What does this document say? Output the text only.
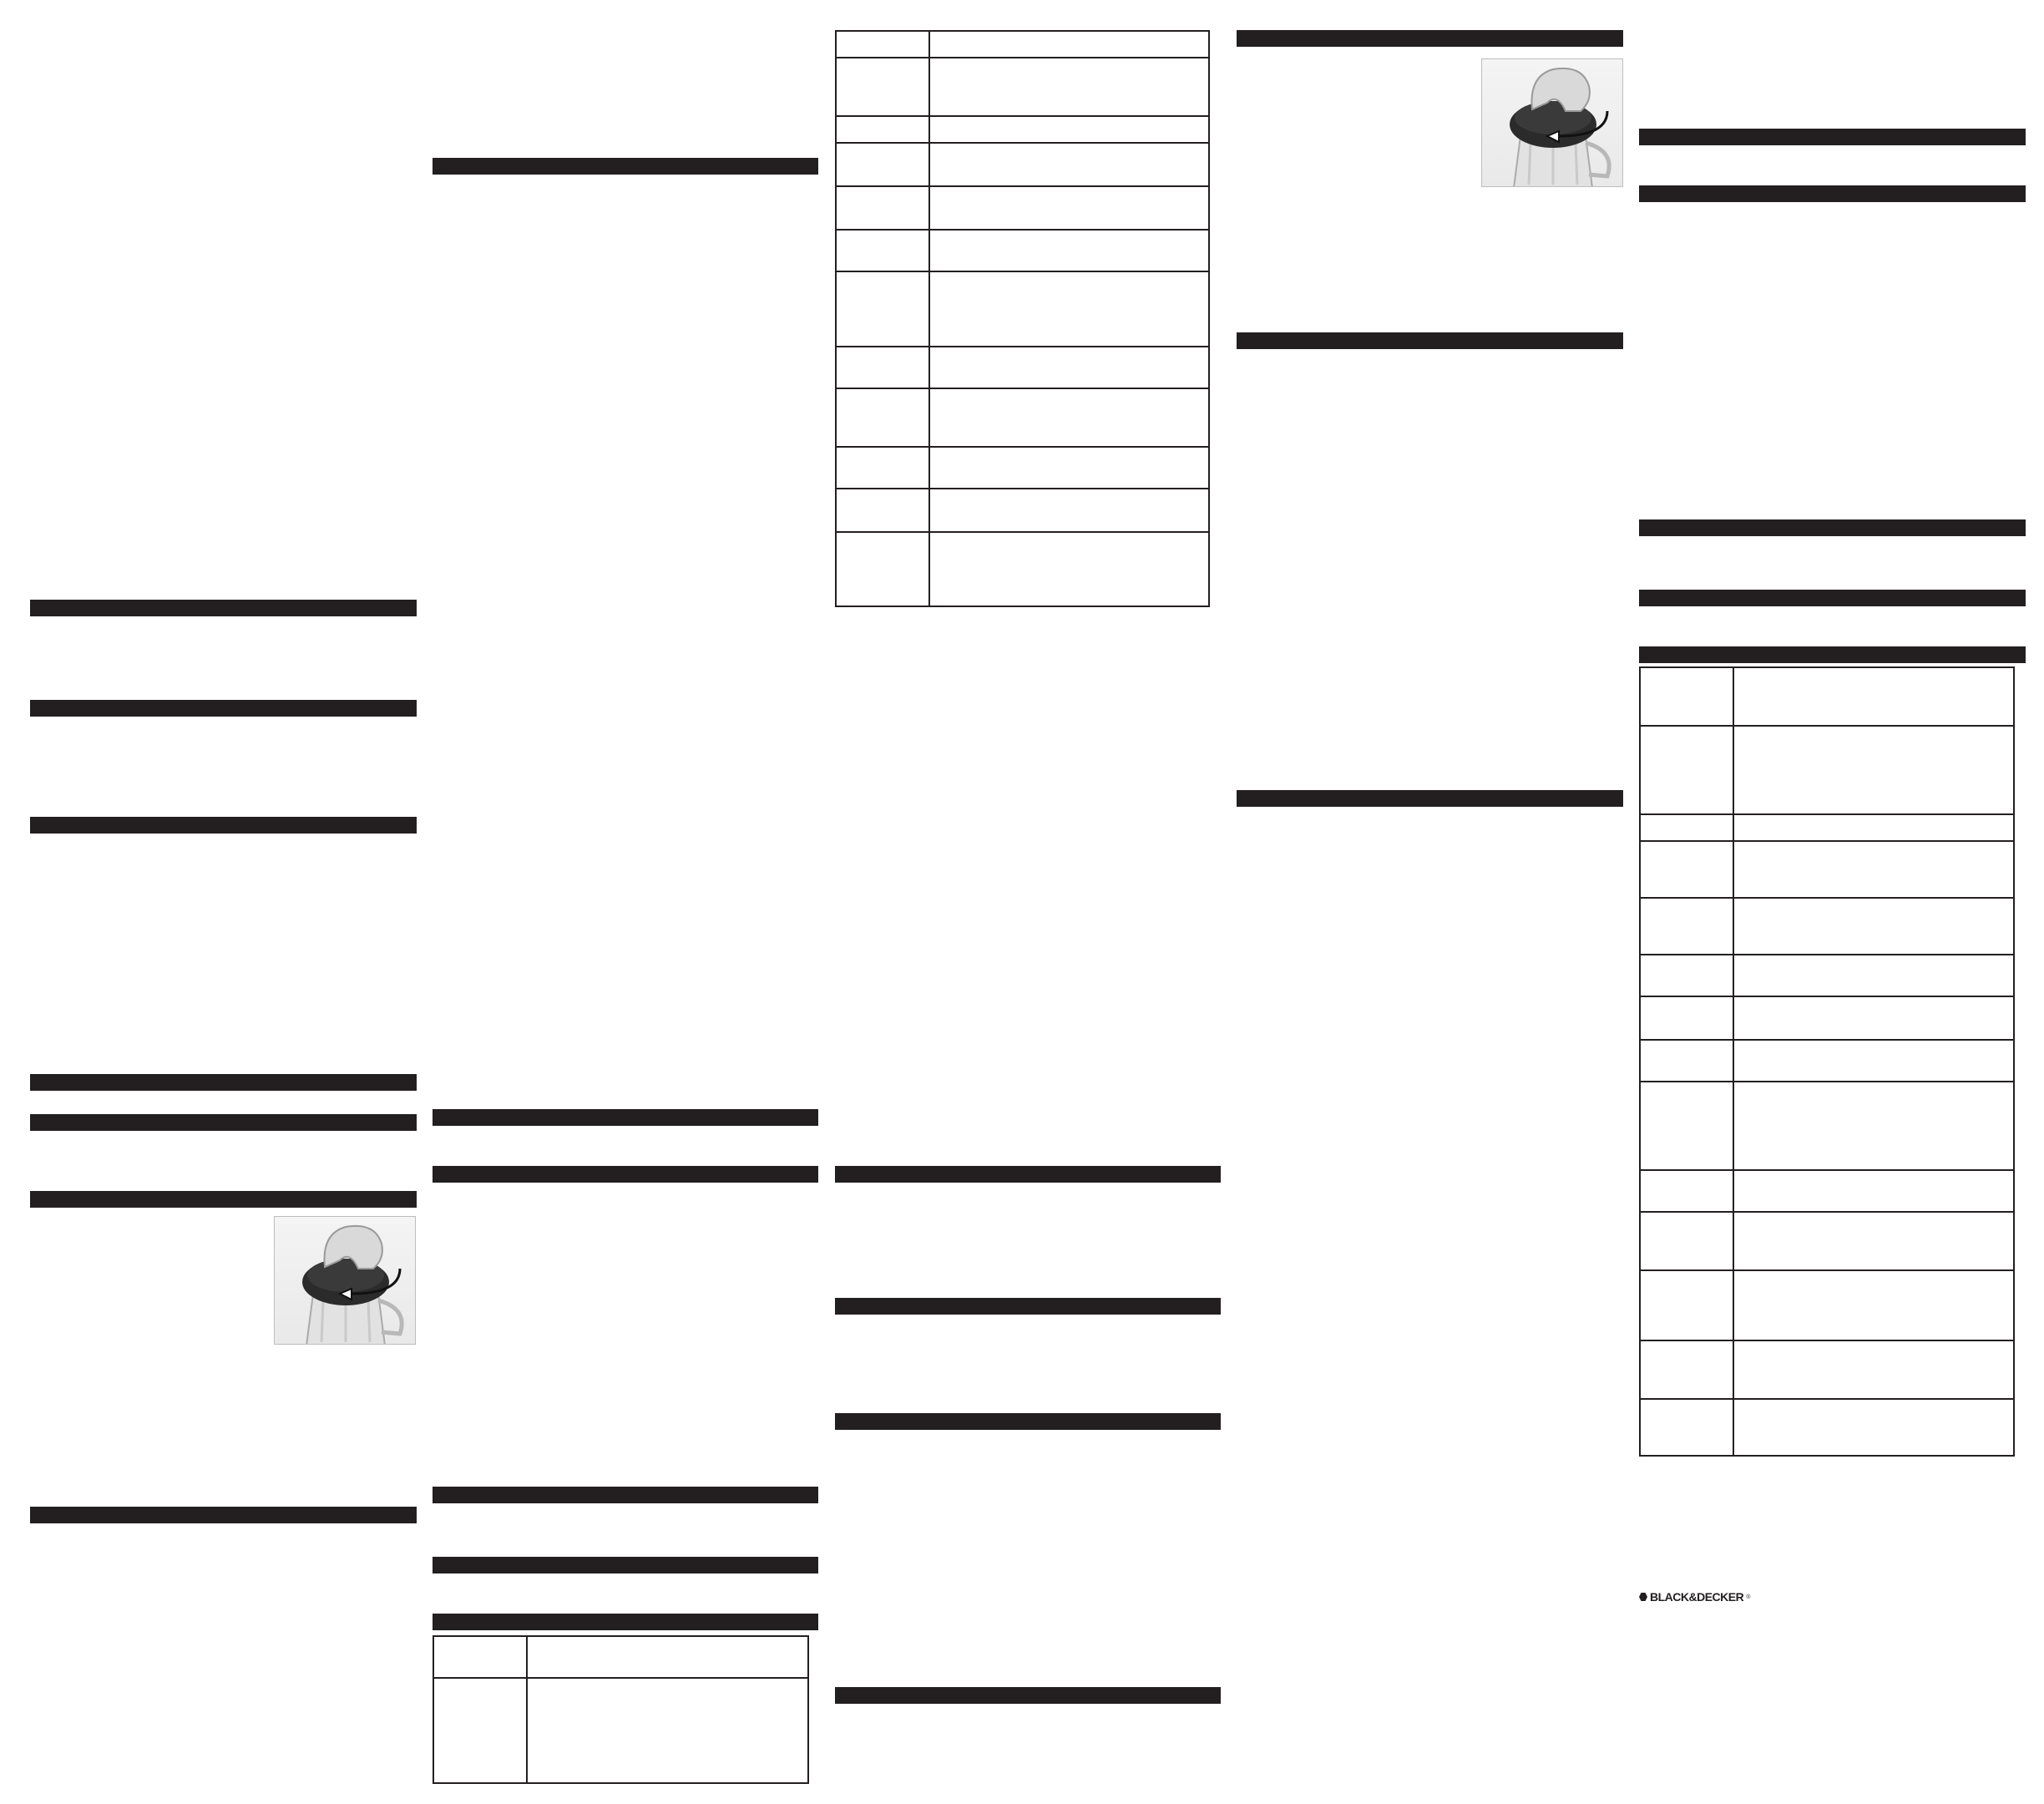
BLACK&DECKER ®
